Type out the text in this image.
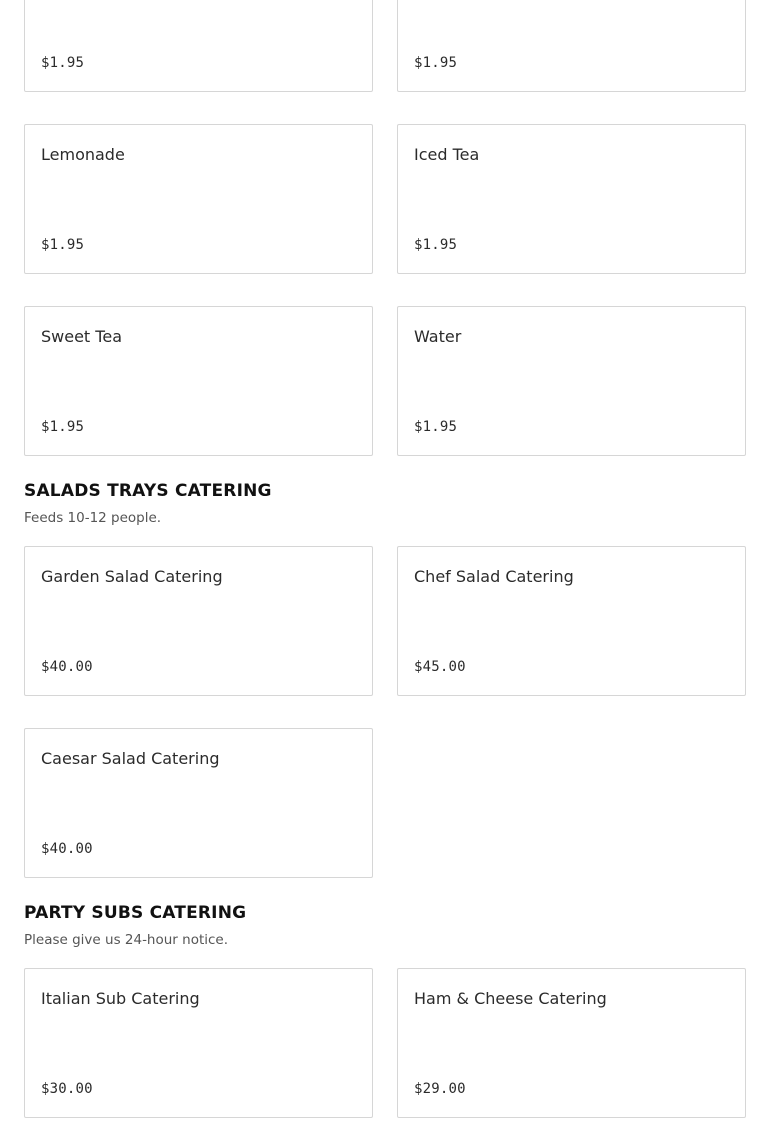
$1.95	$1.95
Lemonade
$1.95
Iced Tea
$1.95
Sweet Tea
$1.95
Water
$1.95
SALADS TRAYS CATERING

Feeds 10-12 people.

Garden Salad Catering
$40.00
Chef Salad Catering
$45.00
Caesar Salad Catering
$40.00
PARTY SUBS CATERING

Please give us 24-hour notice.

Italian Sub Catering
$30.00
Ham & Cheese Catering
$29.00
